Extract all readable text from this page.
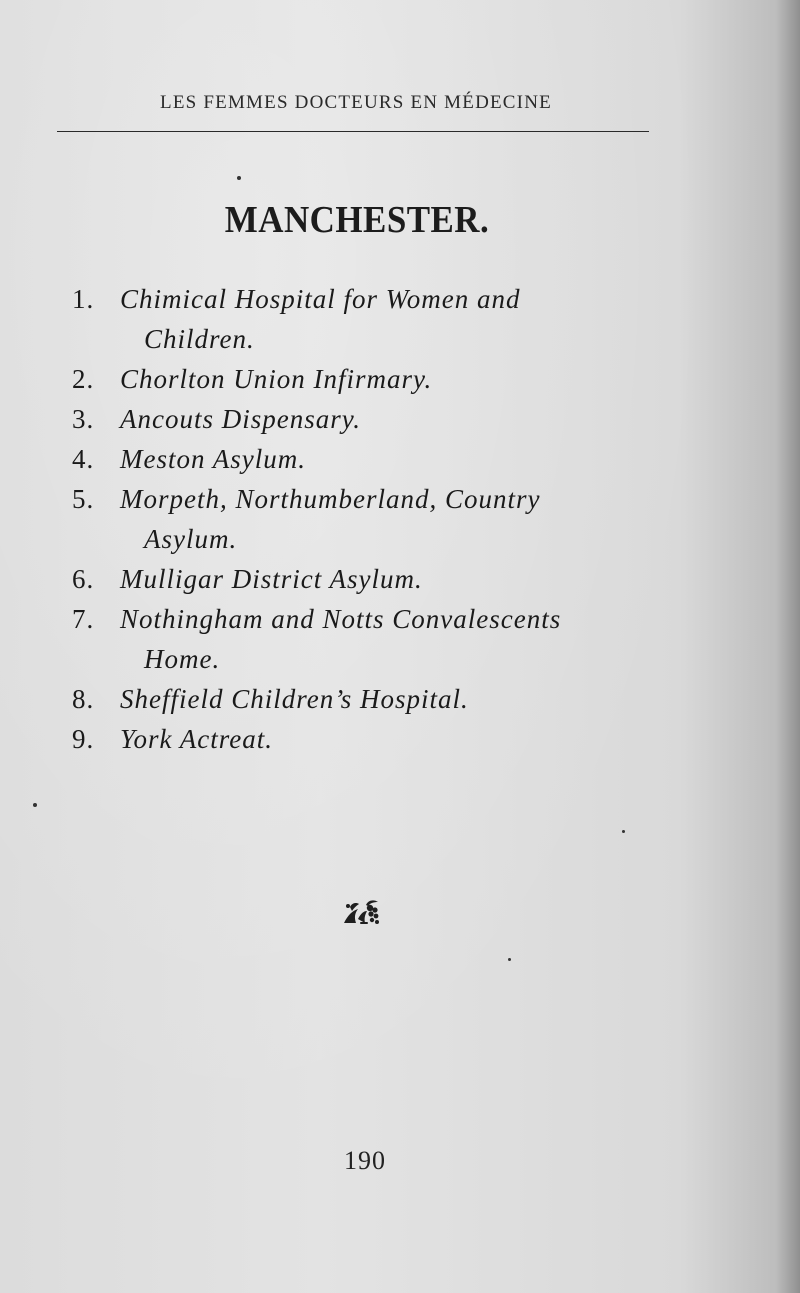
LES FEMMES DOCTEURS EN MÉDECINE
MANCHESTER.
1. Chimical Hospital for Women and
Children.
2. Chorlton Union Infirmary.
3. Ancouts Dispensary.
4. Meston Asylum.
5. Morpeth, Northumberland, Country
Asylum.
6. Mulligar District Asylum.
7. Nothingham and Notts Convalescents
Home.
8. Sheffield Children’s Hospital.
9. York Actreat.
190
